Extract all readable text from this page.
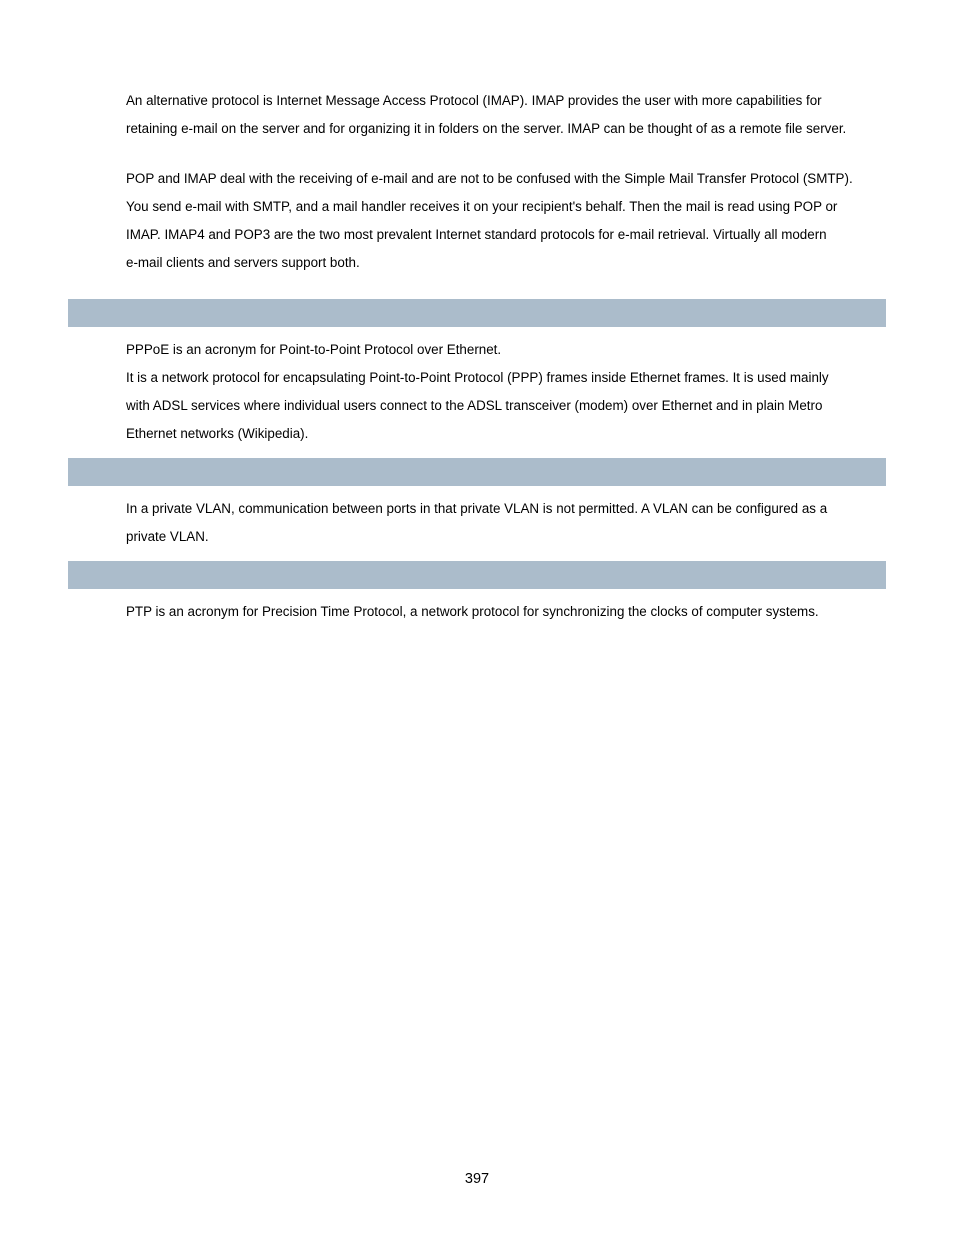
An alternative protocol is Internet Message Access Protocol (IMAP). IMAP provides the user with more capabilities for
retaining e-mail on the server and for organizing it in folders on the server. IMAP can be thought of as a remote file server.

POP and IMAP deal with the receiving of e-mail and are not to be confused with the Simple Mail Transfer Protocol (SMTP).
You send e-mail with SMTP, and a mail handler receives it on your recipient's behalf. Then the mail is read using POP or
IMAP. IMAP4 and POP3 are the two most prevalent Internet standard protocols for e-mail retrieval. Virtually all modern
e-mail clients and servers support both.

PPPoE is an acronym for Point-to-Point Protocol over Ethernet.
It is a network protocol for encapsulating Point-to-Point Protocol (PPP) frames inside Ethernet frames. It is used mainly
with ADSL services where individual users connect to the ADSL transceiver (modem) over Ethernet and in plain Metro
Ethernet networks (Wikipedia).

In a private VLAN, communication between ports in that private VLAN is not permitted. A VLAN can be configured as a
private VLAN.

PTP is an acronym for Precision Time Protocol, a network protocol for synchronizing the clocks of computer systems.

397
